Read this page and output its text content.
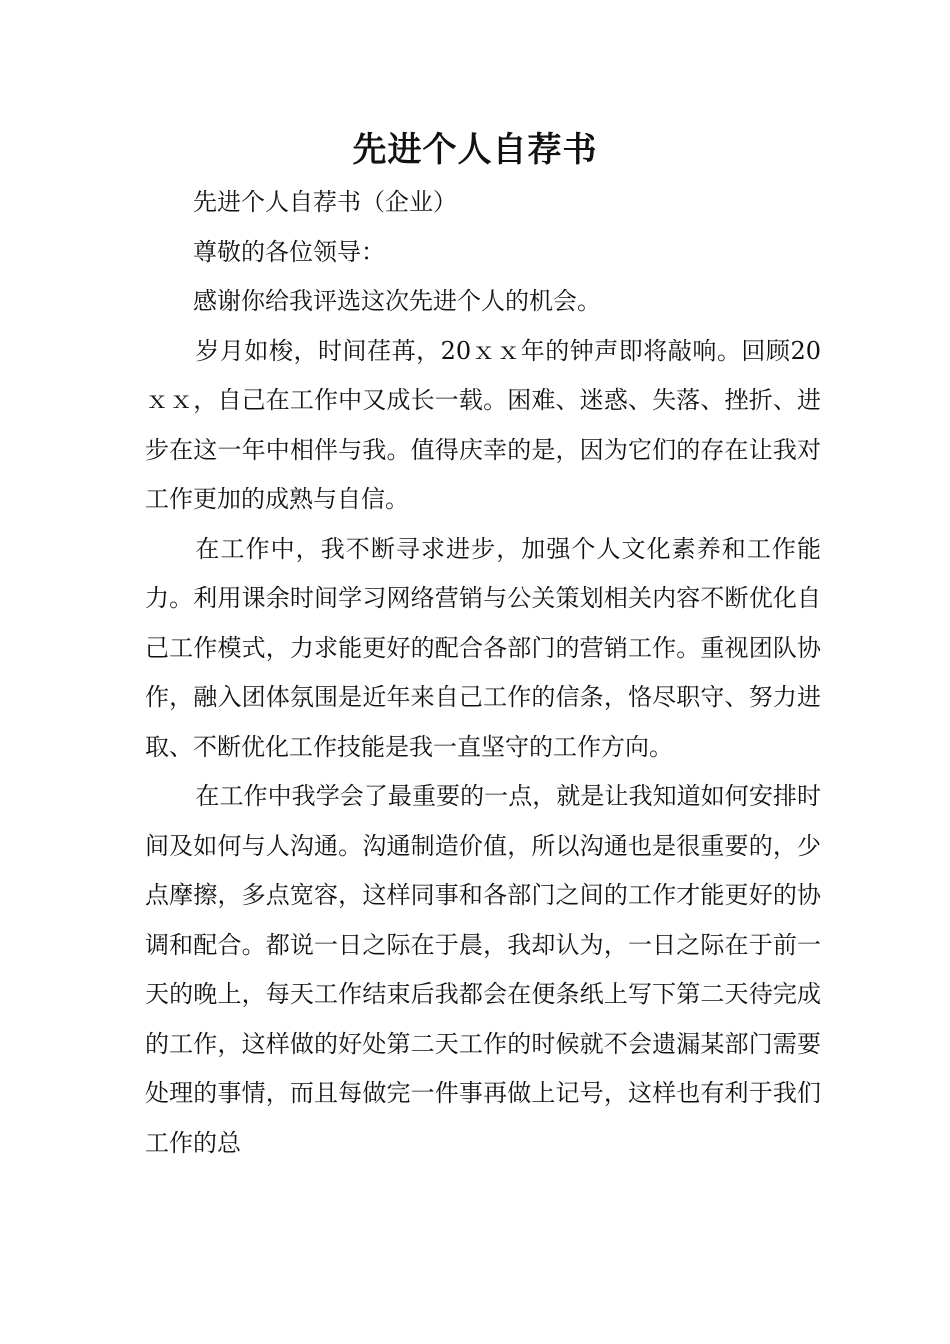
先进个人自荐书

先进个人自荐书（企业）

尊敬的各位领导：

感谢你给我评选这次先进个人的机会。

岁月如梭，时间荏苒，20ｘｘ年的钟声即将敲响。回顾20ｘｘ，自己在工作中又成长一载。困难、迷惑、失落、挫折、进步在这一年中相伴与我。值得庆幸的是，因为它们的存在让我对工作更加的成熟与自信。

在工作中，我不断寻求进步，加强个人文化素养和工作能力。利用课余时间学习网络营销与公关策划相关内容不断优化自己工作模式，力求能更好的配合各部门的营销工作。重视团队协作，融入团体氛围是近年来自己工作的信条，恪尽职守、努力进取、不断优化工作技能是我一直坚守的工作方向。

在工作中我学会了最重要的一点，就是让我知道如何安排时间及如何与人沟通。沟通制造价值，所以沟通也是很重要的，少点摩擦，多点宽容，这样同事和各部门之间的工作才能更好的协调和配合。都说一日之际在于晨，我却认为，一日之际在于前一天的晚上，每天工作结束后我都会在便条纸上写下第二天待完成的工作，这样做的好处第二天工作的时候就不会遗漏某部门需要处理的事情，而且每做完一件事再做上记号，这样也有利于我们工作的总
